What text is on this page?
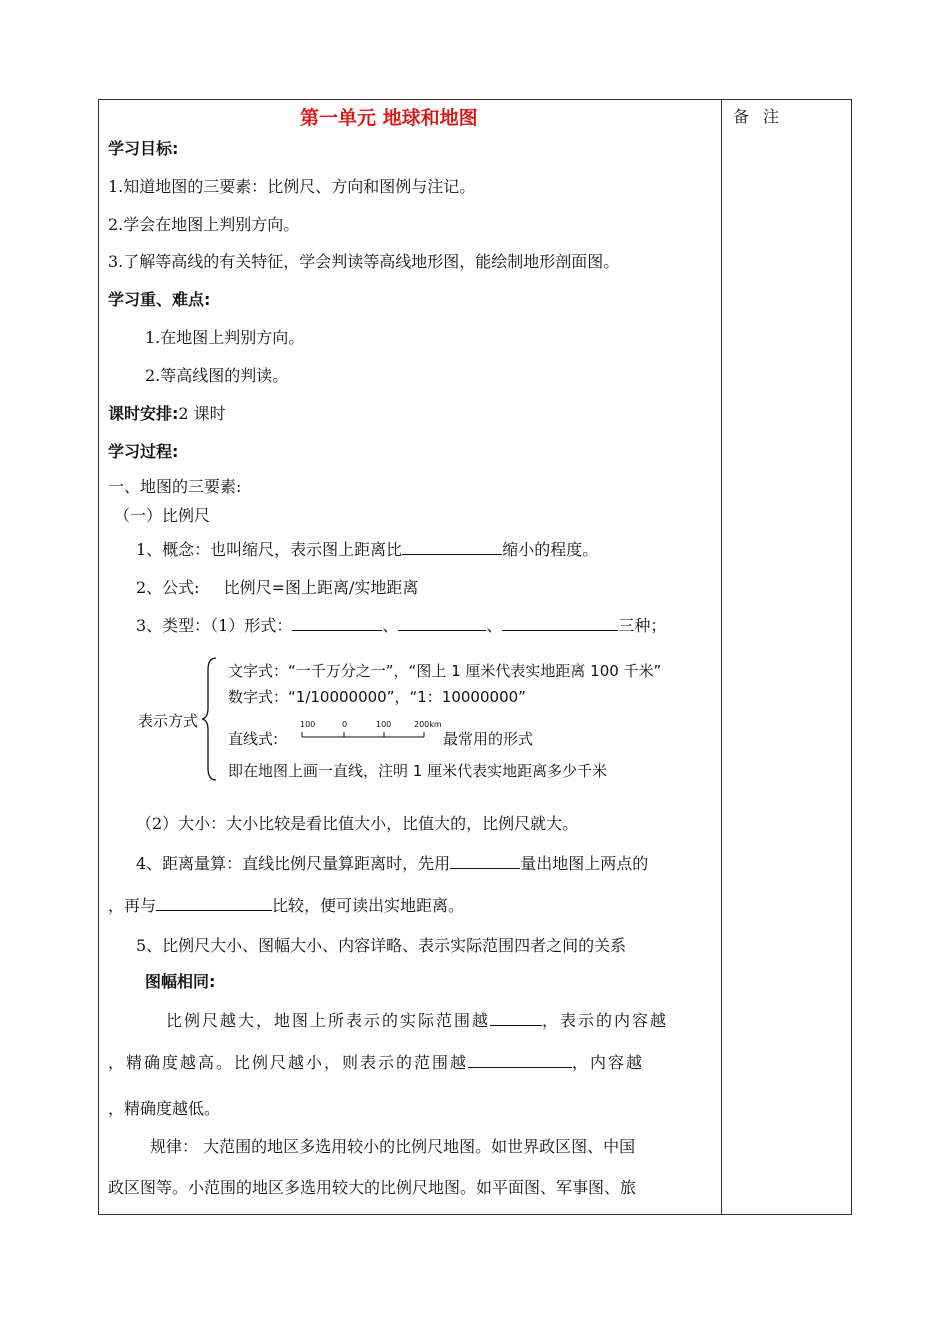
备注
第一单元 地球和地图
学习目标:
1.知道地图的三要素：比例尺、方向和图例与注记。
2.学会在地图上判别方向。
3.了解等高线的有关特征，学会判读等高线地形图，能绘制地形剖面图。
学习重、难点:
1.在地图上判别方向。
2.等高线图的判读。
课时安排:2 课时
学习过程:
一、地图的三要素:
（一）比例尺
1、概念：也叫缩尺，表示图上距离比	缩小的程度。
2、公式: 比例尺=图上距离/实地距离
3、类型：（1）形式：	、	、	三种；
表示方式
文字式：“一千万分之一”，“图上 1 厘米代表实地距离 100 千米”
数字式：“1/10000000”，“1：10000000”
直线式:
100	0	100	200km
最常用的形式
即在地图上画一直线，注明 1 厘米代表实地距离多少千米
（2）大小：大小比较是看比值大小，比值大的，比例尺就大。
4、距离量算：直线比例尺量算距离时，先用	量出地图上两点的
，再与	比较，便可读出实地距离。
5、比例尺大小、图幅大小、内容详略、表示实际范围四者之间的关系
图幅相同:
比例尺越大，地图上所表示的实际范围越	，表示的内容越
，精确度越高。比例尺越小，则表示的范围越	，内容越
，精确度越低。
规律： 大范围的地区多选用较小的比例尺地图。如世界政区图、中国
政区图等。小范围的地区多选用较大的比例尺地图。如平面图、军事图、旅
